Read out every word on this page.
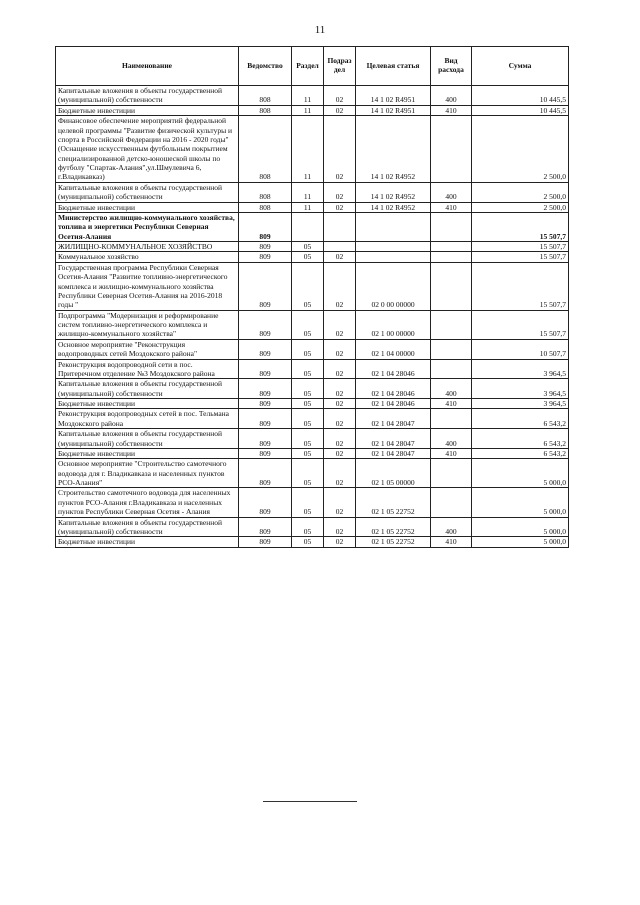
11
Наименование	Ведомство	Раздел	Подраз дел	Целевая статья	Вид расхода	Сумма
Капитальные вложения в объекты государственной (муниципальной) собственности	808	11	02	14 1 02 R4951	400	10 445,5
Бюджетные инвестиции	808	11	02	14 1 02 R4951	410	10 445,5
Финансовое обеспечение мероприятий федеральной целевой программы "Развитие физической культуры и спорта в Российской Федерации на 2016 - 2020 годы" (Оснащение искусственным футбольным покрытием специализированной детско-юношеской школы по футболу "Спартак-Алания",ул.Шмулевича 6, г.Владикавказ)	808	11	02	14 1 02 R4952		2 500,0
Капитальные вложения в объекты государственной (муниципальной) собственности	808	11	02	14 1 02 R4952	400	2 500,0
Бюджетные инвестиции	808	11	02	14 1 02 R4952	410	2 500,0
Министерство жилищно-коммунального хозяйства, топлива и энергетики Республики Северная Осетия-Алания	809					15 507,7
ЖИЛИЩНО-КОММУНАЛЬНОЕ ХОЗЯЙСТВО	809	05				15 507,7
Коммунальное хозяйство	809	05	02			15 507,7
Государственная программа Республики Северная Осетия-Алания "Развитие топливно-энергетического комплекса и жилищно-коммунального хозяйства Республики Северная Осетия-Алания на 2016-2018 годы "	809	05	02	02 0 00 00000		15 507,7
Подпрограмма "Модернизация и реформирование систем топливно-энергетического комплекса и жилищно-коммунального хозяйства"	809	05	02	02 1 00 00000		15 507,7
Основное мероприятие "Реконструкция водопроводных сетей Моздокского района"	809	05	02	02 1 04 00000		10 507,7
Реконструкция водопроводной сети в пос. Притеречном отделение №3 Моздокского района	809	05	02	02 1 04 28046		3 964,5
Капитальные вложения в объекты государственной (муниципальной) собственности	809	05	02	02 1 04 28046	400	3 964,5
Бюджетные инвестиции	809	05	02	02 1 04 28046	410	3 964,5
Реконструкция водопроводных сетей в пос. Тельмана Моздокского района	809	05	02	02 1 04 28047		6 543,2
Капитальные вложения в объекты государственной (муниципальной) собственности	809	05	02	02 1 04 28047	400	6 543,2
Бюджетные инвестиции	809	05	02	02 1 04 28047	410	6 543,2
Основное мероприятие "Строительство самотечного водовода для г. Владикавказа и населенных пунктов РСО-Алания"	809	05	02	02 1 05 00000		5 000,0
Строительство самотечного водовода для населенных пунктов РСО-Алания г.Владикавказа и населенных пунктов Республики Северная Осетия - Алания	809	05	02	02 1 05 22752		5 000,0
Капитальные вложения в объекты государственной (муниципальной) собственности	809	05	02	02 1 05 22752	400	5 000,0
Бюджетные инвестиции	809	05	02	02 1 05 22752	410	5 000,0
